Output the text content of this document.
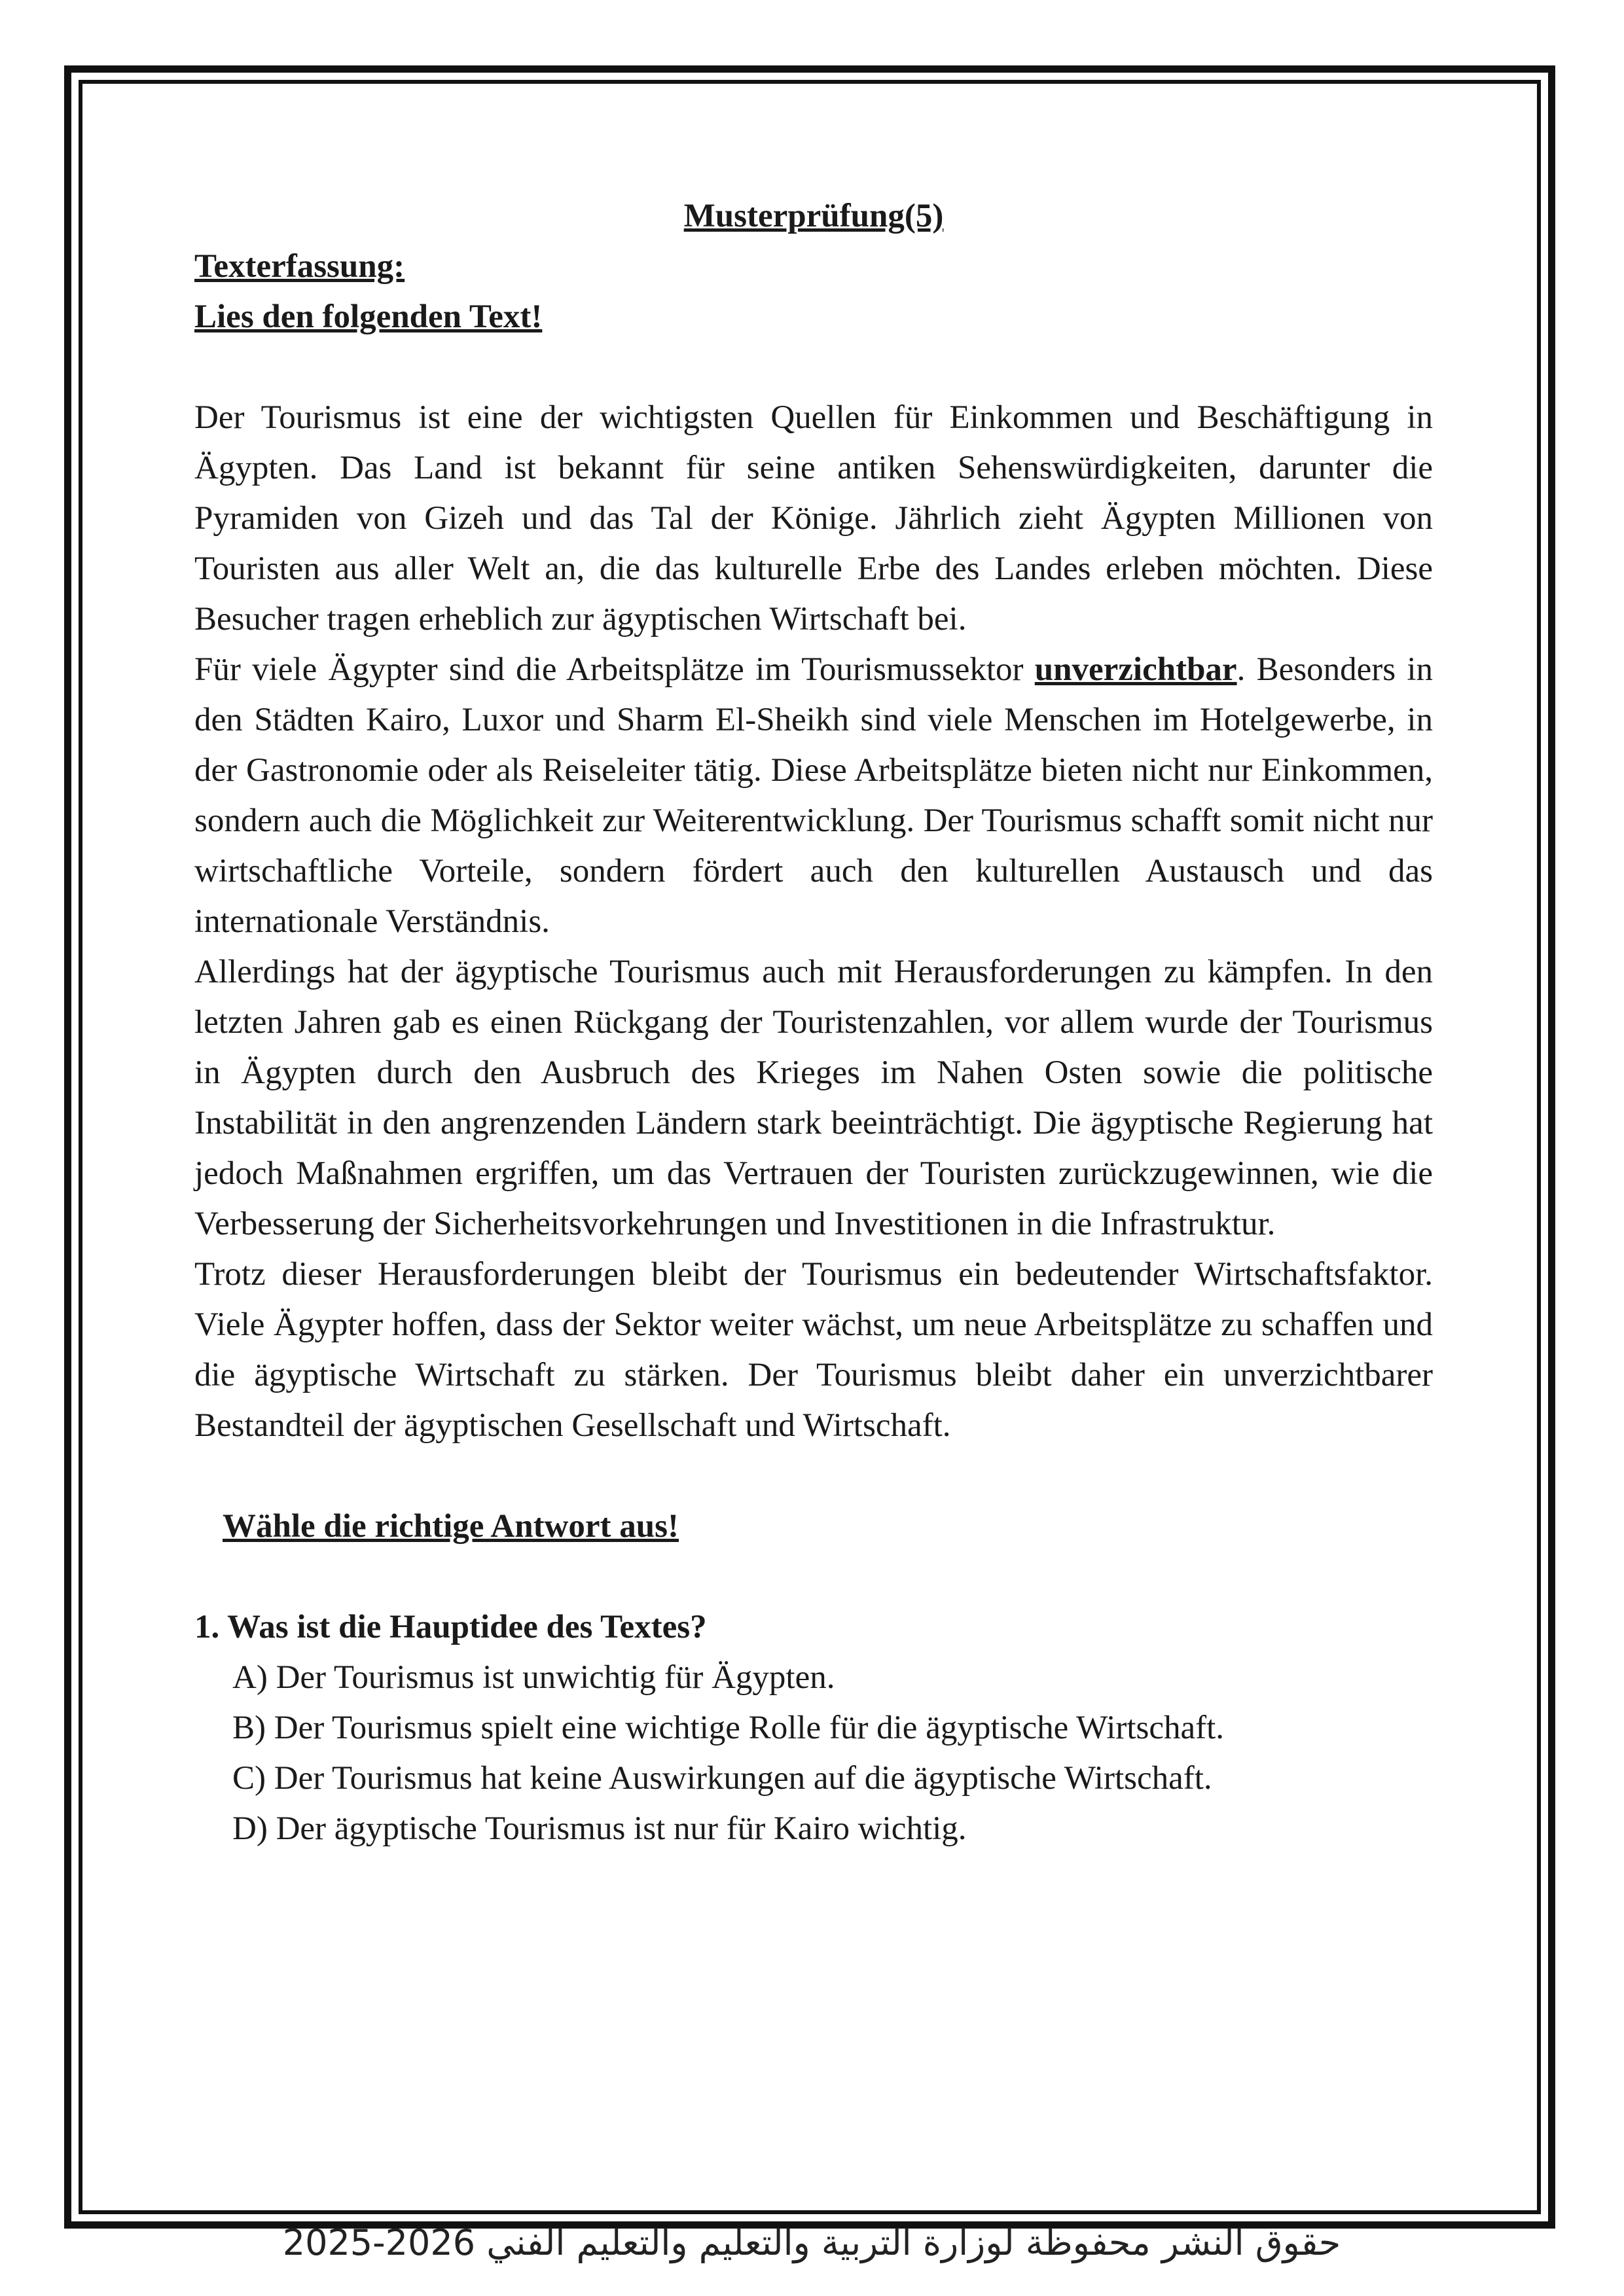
Musterprüfung(5)
Texterfassung:
Lies den folgenden Text!

Der Tourismus ist eine der wichtigsten Quellen für Einkommen und Beschäftigung in Ägypten. Das Land ist bekannt für seine antiken Sehenswürdigkeiten, darunter die Pyramiden von Gizeh und das Tal der Könige. Jährlich zieht Ägypten Millionen von Touristen aus aller Welt an, die das kulturelle Erbe des Landes erleben möchten. Diese Besucher tragen erheblich zur ägyptischen Wirtschaft bei.

Für viele Ägypter sind die Arbeitsplätze im Tourismussektor unverzichtbar. Besonders in den Städten Kairo, Luxor und Sharm El-Sheikh sind viele Menschen im Hotelgewerbe, in der Gastronomie oder als Reiseleiter tätig. Diese Arbeitsplätze bieten nicht nur Einkommen, sondern auch die Möglichkeit zur Weiterentwicklung. Der Tourismus schafft somit nicht nur wirtschaftliche Vorteile, sondern fördert auch den kulturellen Austausch und das internationale Verständnis.

Allerdings hat der ägyptische Tourismus auch mit Herausforderungen zu kämpfen. In den letzten Jahren gab es einen Rückgang der Touristenzahlen, vor allem wurde der Tourismus in Ägypten durch den Ausbruch des Krieges im Nahen Osten sowie die politische Instabilität in den angrenzenden Ländern stark beeinträchtigt. Die ägyptische Regierung hat jedoch Maßnahmen ergriffen, um das Vertrauen der Touristen zurückzugewinnen, wie die Verbesserung der Sicherheitsvorkehrungen und Investitionen in die Infrastruktur.

Trotz dieser Herausforderungen bleibt der Tourismus ein bedeutender Wirtschaftsfaktor. Viele Ägypter hoffen, dass der Sektor weiter wächst, um neue Arbeitsplätze zu schaffen und die ägyptische Wirtschaft zu stärken. Der Tourismus bleibt daher ein unverzichtbarer Bestandteil der ägyptischen Gesellschaft und Wirtschaft.

Wähle die richtige Antwort aus!
1. Was ist die Hauptidee des Textes?
A) Der Tourismus ist unwichtig für Ägypten.
B) Der Tourismus spielt eine wichtige Rolle für die ägyptische Wirtschaft.
C) Der Tourismus hat keine Auswirkungen auf die ägyptische Wirtschaft.
D) Der ägyptische Tourismus ist nur für Kairo wichtig.
حقوق النشر محفوظة لوزارة التربية والتعليم والتعليم الفني 2026-2025
